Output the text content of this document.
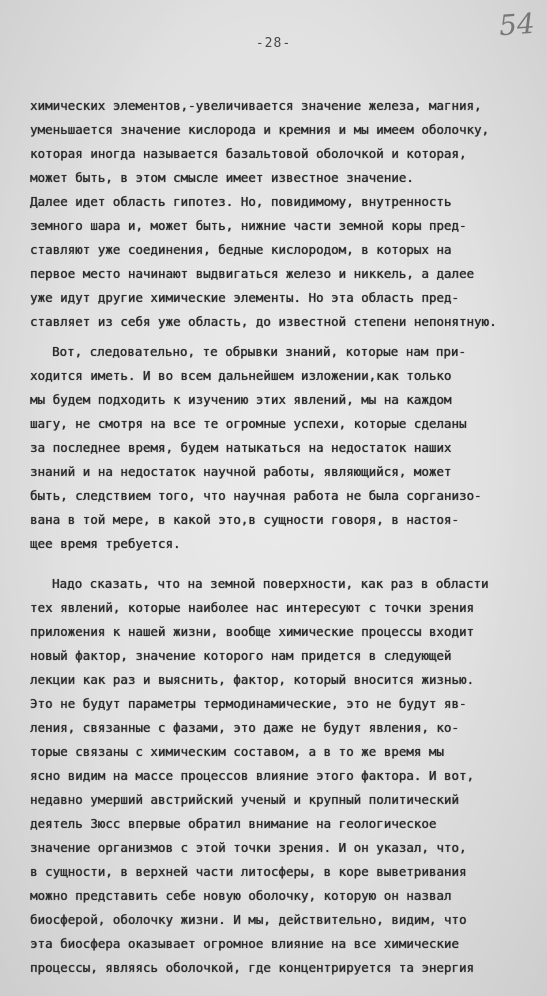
54

-28-

химических элементов,-увеличивается значение железа, магния,

уменьшается значение кислорода и кремния и мы имеем оболочку,

которая иногда называется базальтовой оболочкой и которая,

может быть, в этом смысле имеет известное значение.

Далее идет область гипотез. Но, повидимому, внутренность

земного шара и, может быть, нижние части земной коры пред-

ставляют уже соединения, бедные кислородом, в которых на

первое место начинают выдвигаться железо и никкель, а далее

уже идут другие химические элементы. Но эта область пред-

ставляет из себя уже область, до известной степени непонятную.

Вот, следовательно, те обрывки знаний, которые нам при-

ходится иметь. И во всем дальнейшем изложении,как только

мы будем подходить к изучению этих явлений, мы на каждом

шагу, не смотря на все те огромные успехи, которые сделаны

за последнее время, будем натыкаться на недостаток наших

знаний и на недостаток научной работы, являющийся, может

быть, следствием того, что научная работа не была сорганизо-

вана в той мере, в какой это,в сущности говоря, в настоя-

щее время требуется.

Надо сказать, что на земной поверхности, как раз в области

тех явлений, которые наиболее нас интересуют с точки зрения

приложения к нашей жизни, вообще химические процессы входит

новый фактор, значение которого нам придется в следующей

лекции как раз и выяснить, фактор, который вносится жизнью.

Это не будут параметры термодинамические, это не будут яв-

ления, связанные с фазами, это даже не будут явления, ко-

торые связаны с химическим составом, а в то же время мы

ясно видим на массе процессов влияние этого фактора. И вот,

недавно умерший австрийский ученый и крупный политический

деятель Зюсс впервые обратил внимание на геологическое

значение организмов с этой точки зрения. И он указал, что,

в сущности, в верхней части литосферы, в коре выветривания

можно представить себе новую оболочку, которую он назвал

биосферой, оболочку жизни. И мы, действительно, видим, что

эта биосфера оказывает огромное влияние на все химические

процессы, являясь оболочкой, где концентрируется та энергия
